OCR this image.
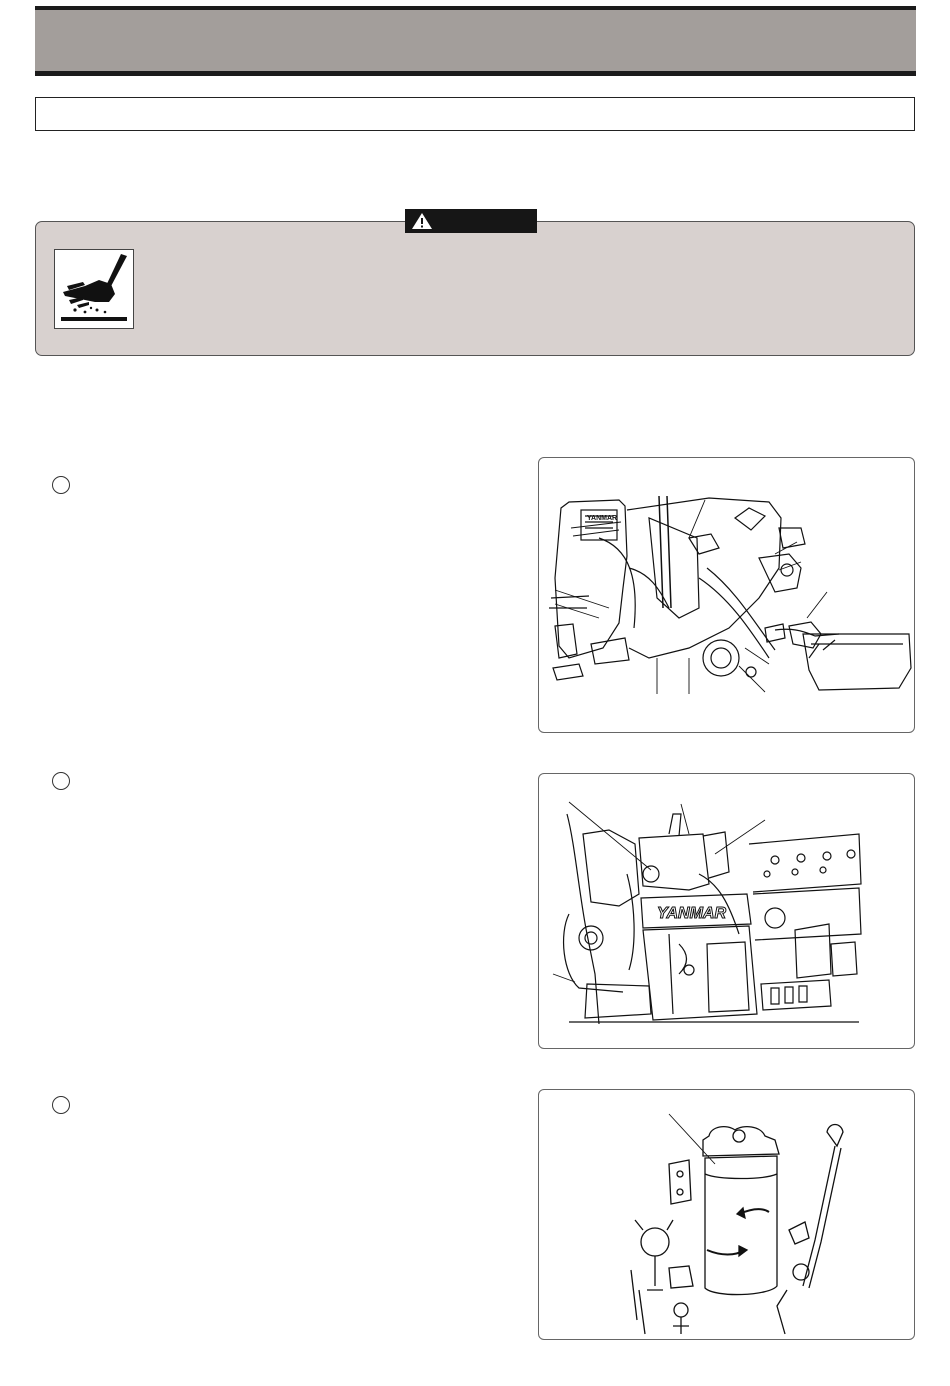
YANMAR
YANMAR
